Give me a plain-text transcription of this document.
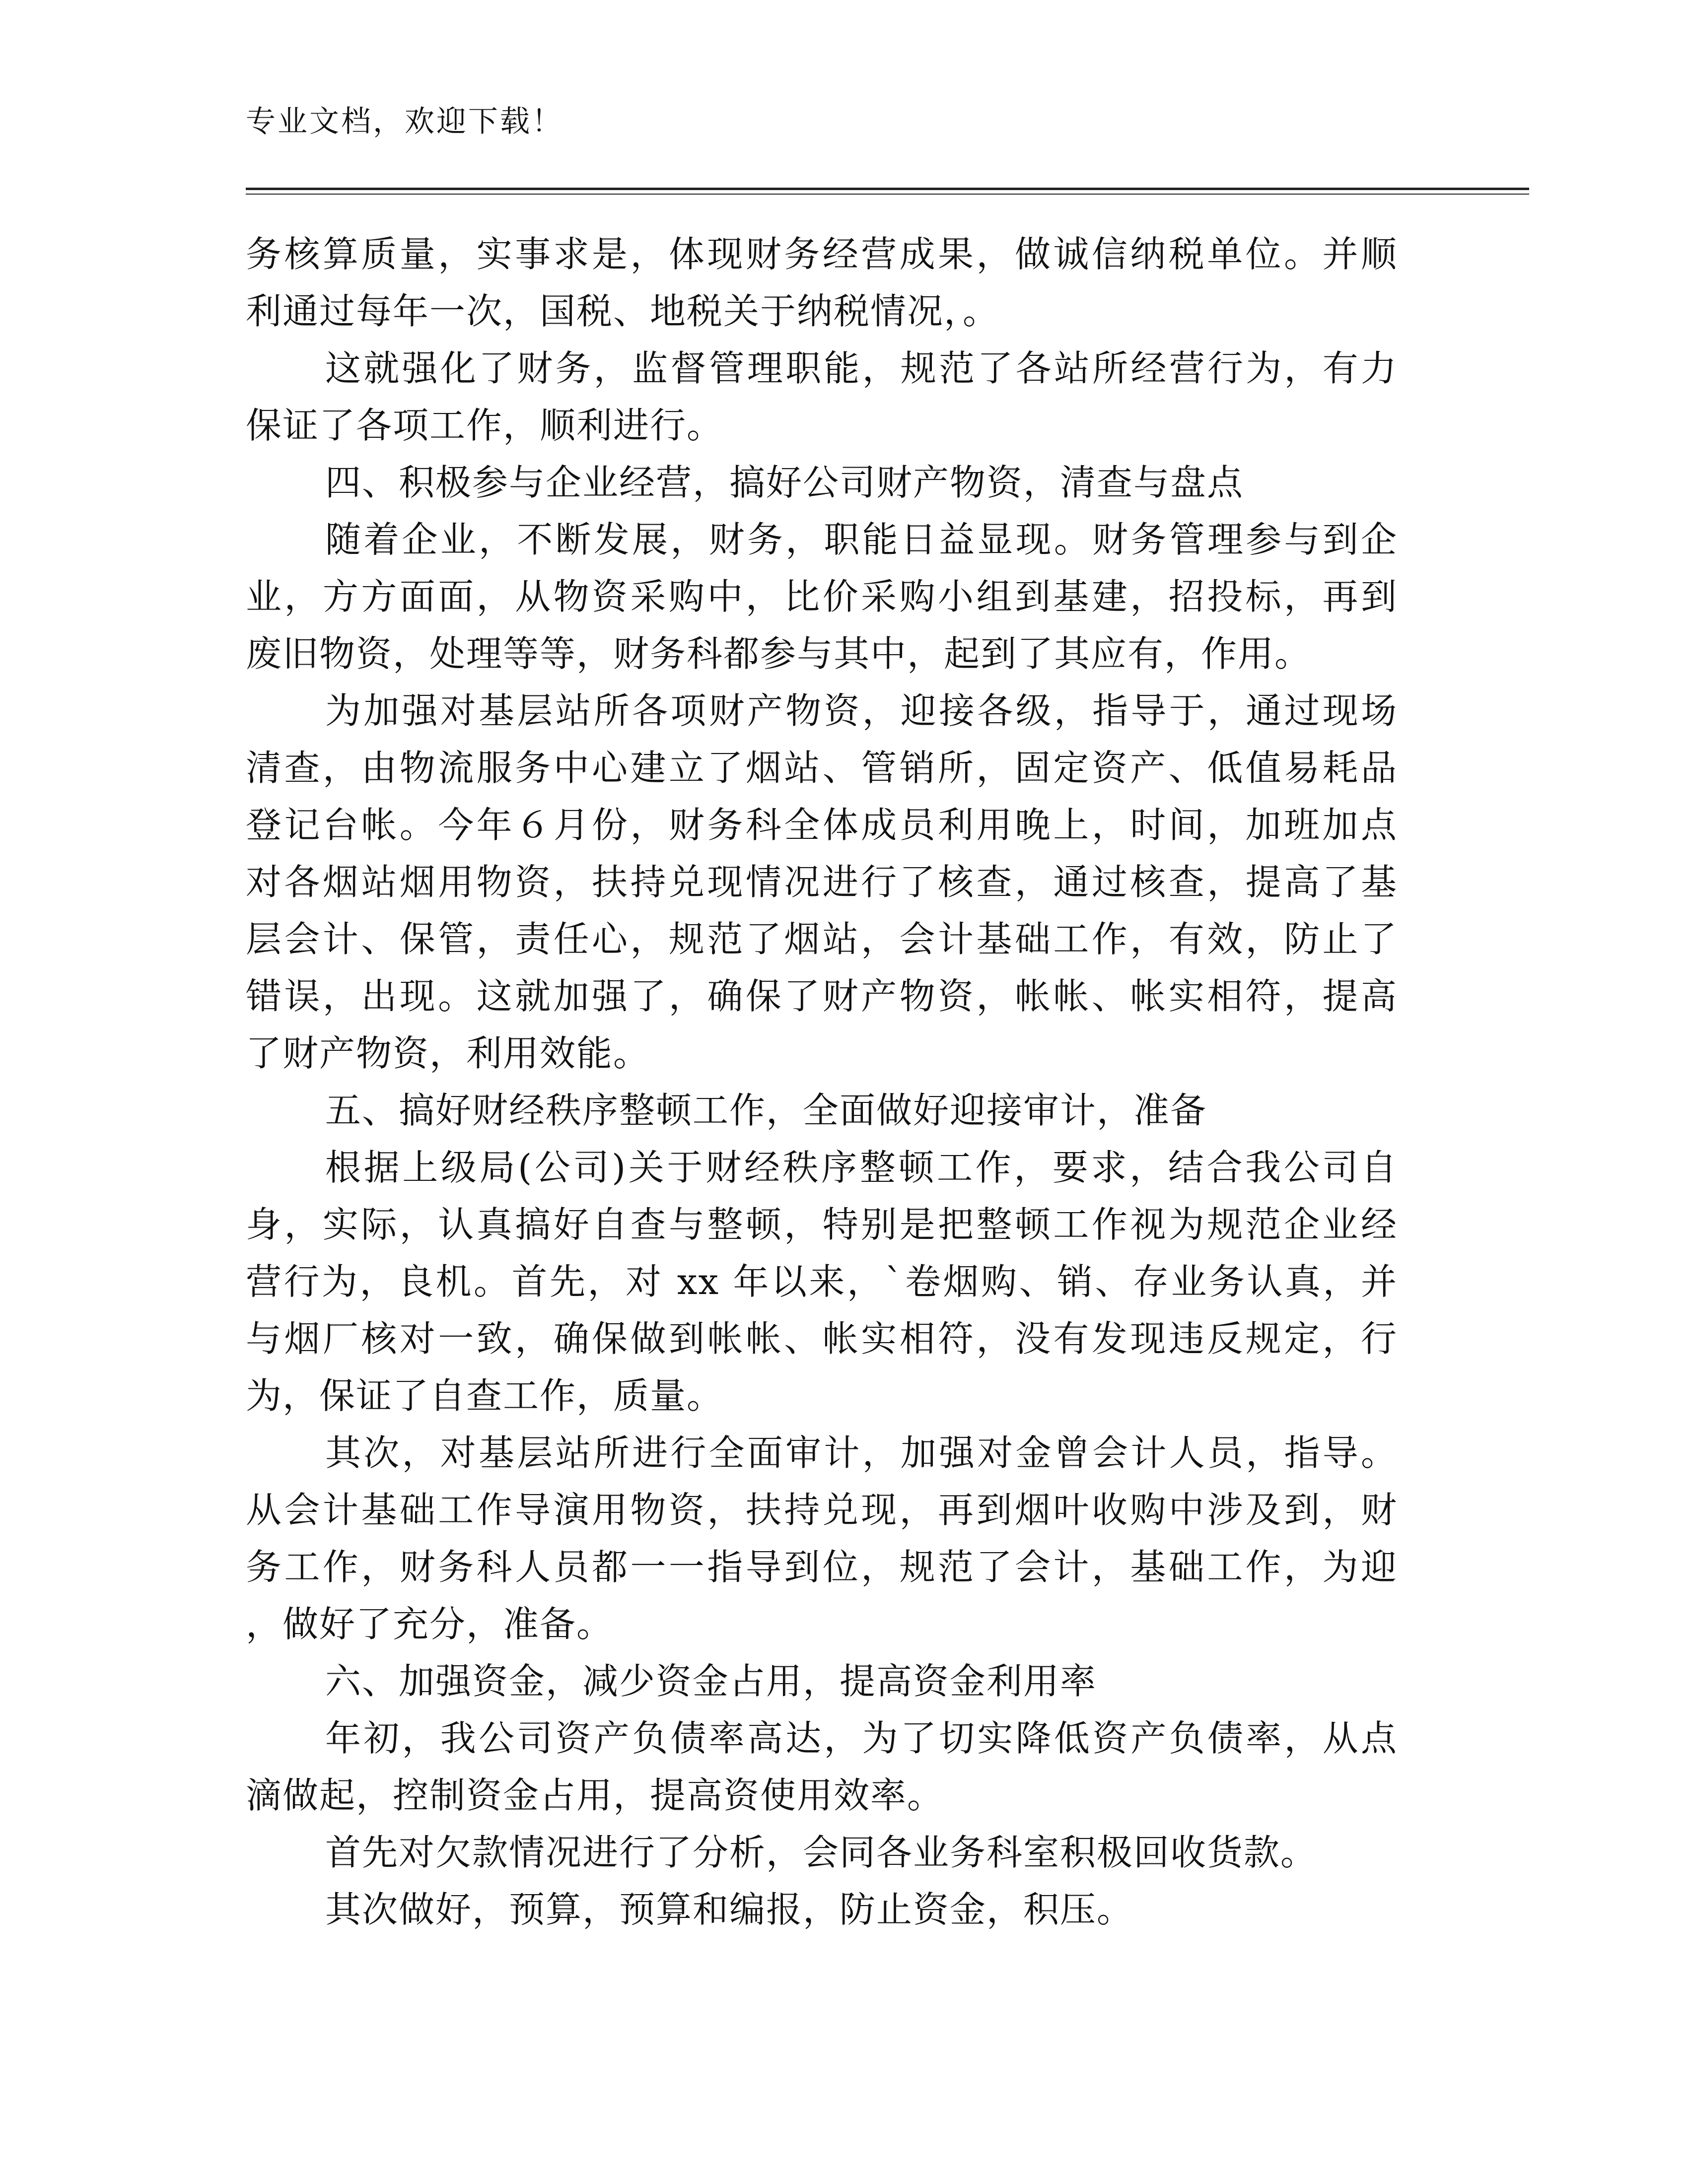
专业文档，欢迎下载！
务核算质量，实事求是，体现财务经营成果，做诚信纳税单位。并顺
利通过每年一次，国税、地税关于纳税情况，。
这就强化了财务，监督管理职能，规范了各站所经营行为，有力
保证了各项工作，顺利进行。
四、积极参与企业经营，搞好公司财产物资，清查与盘点
随着企业，不断发展，财务，职能日益显现。财务管理参与到企
业，方方面面，从物资采购中，比价采购小组到基建，招投标，再到
废旧物资，处理等等，财务科都参与其中，起到了其应有，作用。
为加强对基层站所各项财产物资，迎接各级，指导于，通过现场
清查，由物流服务中心建立了烟站、管销所，固定资产、低值易耗品
登记台帐。今年６月份，财务科全体成员利用晚上，时间，加班加点
对各烟站烟用物资，扶持兑现情况进行了核查，通过核查，提高了基
层会计、保管，责任心，规范了烟站，会计基础工作，有效，防止了
错误，出现。这就加强了，确保了财产物资，帐帐、帐实相符，提高
了财产物资，利用效能。
五、搞好财经秩序整顿工作，全面做好迎接审计，准备
根据上级局(公司)关于财经秩序整顿工作，要求，结合我公司自
身，实际，认真搞好自查与整顿，特别是把整顿工作视为规范企业经
营行为，良机。首先，对 xx 年以来，`卷烟购、销、存业务认真，并
与烟厂核对一致，确保做到帐帐、帐实相符，没有发现违反规定，行
为，保证了自查工作，质量。
其次，对基层站所进行全面审计，加强对金曾会计人员，指导。
从会计基础工作导演用物资，扶持兑现，再到烟叶收购中涉及到，财
务工作，财务科人员都一一指导到位，规范了会计，基础工作，为迎
，做好了充分，准备。
六、加强资金，减少资金占用，提高资金利用率
年初，我公司资产负债率高达，为了切实降低资产负债率，从点
滴做起，控制资金占用，提高资使用效率。
首先对欠款情况进行了分析，会同各业务科室积极回收货款。
其次做好，预算，预算和编报，防止资金，积压。
